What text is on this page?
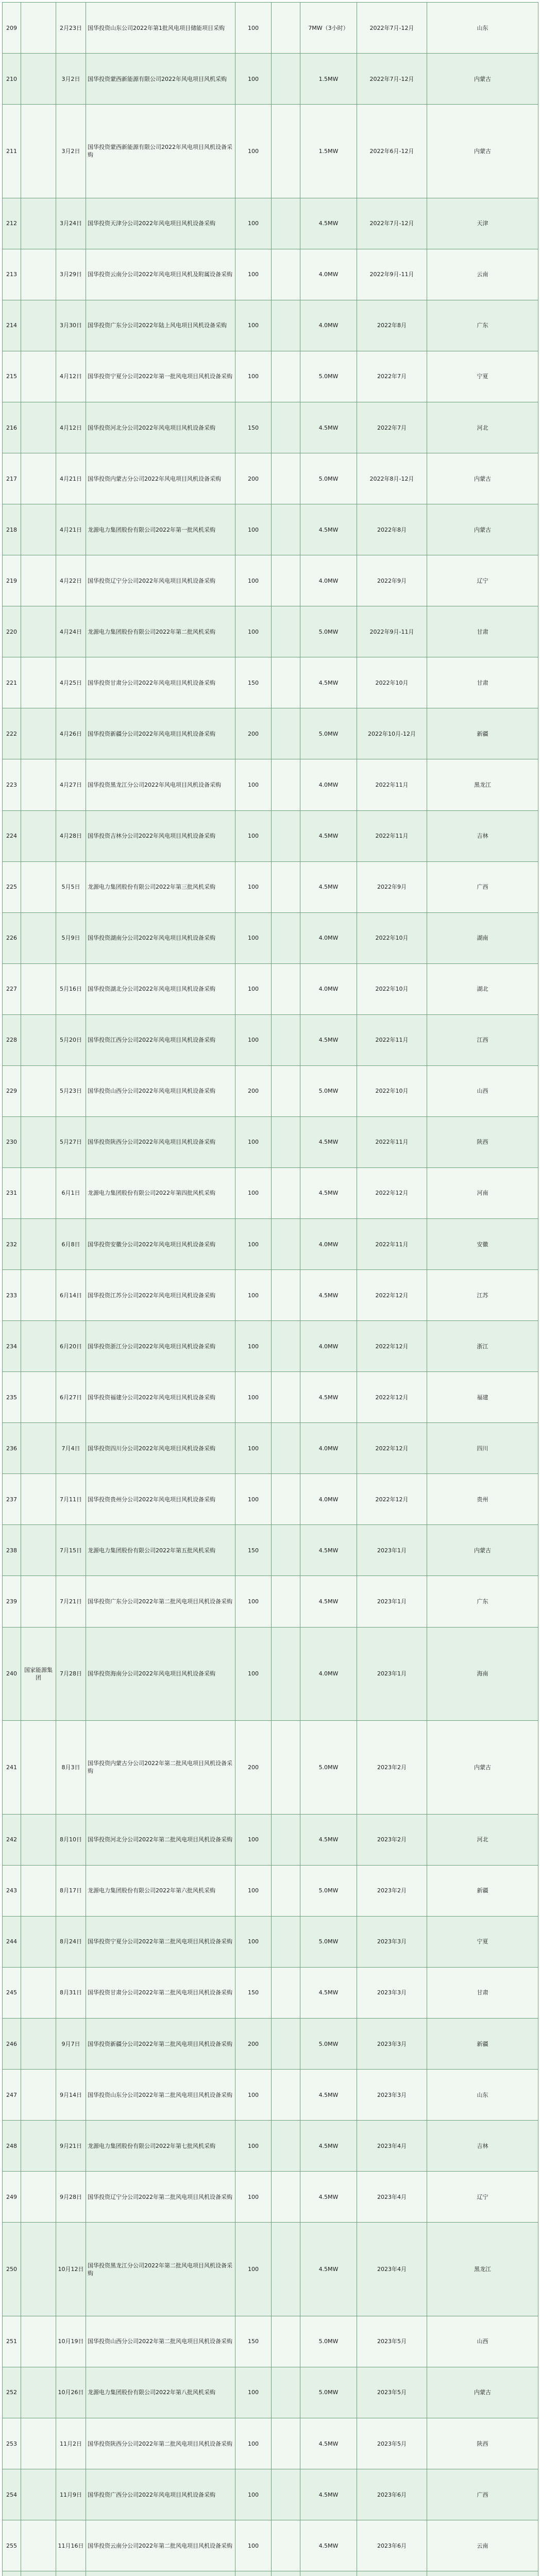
209		2月23日	国华投资山东公司2022年第1批风电项目储能项目采购	100		7MW（3小时）	2022年7月-12月	山东
210		3月2日	国华投资蒙西新能源有限公司2022年风电项目风机采购	100		1.5MW	2022年7月-12月	内蒙古
211		3月2日	国华投资蒙西新能源有限公司2022年风电项目风机设备采购	100		1.5MW	2022年6月-12月	内蒙古
212		3月24日	国华投资天津分公司2022年风电项目风机设备采购	100		4.5MW	2022年7月-12月	天津
213		3月29日	国华投资云南分公司2022年风电项目风机及附属设备采购	100		4.0MW	2022年9月-11月	云南
214		3月30日	国华投资广东分公司2022年陆上风电项目风机设备采购	100		4.0MW	2022年8月	广东
215		4月12日	国华投资宁夏分公司2022年第一批风电项目风机设备采购	100		5.0MW	2022年7月	宁夏
216		4月12日	国华投资河北分公司2022年风电项目风机设备采购	150		4.5MW	2022年7月	河北
217		4月21日	国华投资内蒙古分公司2022年风电项目风机设备采购	200		5.0MW	2022年8月-12月	内蒙古
218		4月21日	龙源电力集团股份有限公司2022年第一批风机采购	100		4.5MW	2022年8月	内蒙古
219		4月22日	国华投资辽宁分公司2022年风电项目风机设备采购	100		4.0MW	2022年9月	辽宁
220		4月24日	龙源电力集团股份有限公司2022年第二批风机采购	100		5.0MW	2022年9月-11月	甘肃
221		4月25日	国华投资甘肃分公司2022年风电项目风机设备采购	150		4.5MW	2022年10月	甘肃
222		4月26日	国华投资新疆分公司2022年风电项目风机设备采购	200		5.0MW	2022年10月-12月	新疆
223		4月27日	国华投资黑龙江分公司2022年风电项目风机设备采购	100		4.0MW	2022年11月	黑龙江
224		4月28日	国华投资吉林分公司2022年风电项目风机设备采购	100		4.5MW	2022年11月	吉林
225		5月5日	龙源电力集团股份有限公司2022年第三批风机采购	100		4.5MW	2022年9月	广西
226		5月9日	国华投资湖南分公司2022年风电项目风机设备采购	100		4.0MW	2022年10月	湖南
227		5月16日	国华投资湖北分公司2022年风电项目风机设备采购	100		4.0MW	2022年10月	湖北
228		5月20日	国华投资江西分公司2022年风电项目风机设备采购	100		4.5MW	2022年11月	江西
229		5月23日	国华投资山西分公司2022年风电项目风机设备采购	200		5.0MW	2022年10月	山西
230		5月27日	国华投资陕西分公司2022年风电项目风机设备采购	100		4.5MW	2022年11月	陕西
231		6月1日	龙源电力集团股份有限公司2022年第四批风机采购	100		4.5MW	2022年12月	河南
232		6月8日	国华投资安徽分公司2022年风电项目风机设备采购	100		4.0MW	2022年11月	安徽
233		6月14日	国华投资江苏分公司2022年风电项目风机设备采购	100		4.5MW	2022年12月	江苏
234		6月20日	国华投资浙江分公司2022年风电项目风机设备采购	100		4.0MW	2022年12月	浙江
235		6月27日	国华投资福建分公司2022年风电项目风机设备采购	100		4.5MW	2022年12月	福建
236		7月4日	国华投资四川分公司2022年风电项目风机设备采购	100		4.0MW	2022年12月	四川
237		7月11日	国华投资贵州分公司2022年风电项目风机设备采购	100		4.0MW	2022年12月	贵州
238		7月15日	龙源电力集团股份有限公司2022年第五批风机采购	150		4.5MW	2023年1月	内蒙古
239		7月21日	国华投资广东分公司2022年第二批风电项目风机设备采购	100		4.5MW	2023年1月	广东
240	国家能源集团	7月28日	国华投资海南分公司2022年风电项目风机设备采购	100		4.0MW	2023年1月	海南
241		8月3日	国华投资内蒙古分公司2022年第二批风电项目风机设备采购	200		5.0MW	2023年2月	内蒙古
242		8月10日	国华投资河北分公司2022年第二批风电项目风机设备采购	100		4.5MW	2023年2月	河北
243		8月17日	龙源电力集团股份有限公司2022年第六批风机采购	100		5.0MW	2023年2月	新疆
244		8月24日	国华投资宁夏分公司2022年第二批风电项目风机设备采购	100		5.0MW	2023年3月	宁夏
245		8月31日	国华投资甘肃分公司2022年第二批风电项目风机设备采购	150		4.5MW	2023年3月	甘肃
246		9月7日	国华投资新疆分公司2022年第二批风电项目风机设备采购	200		5.0MW	2023年3月	新疆
247		9月14日	国华投资山东分公司2022年第二批风电项目风机设备采购	100		4.5MW	2023年3月	山东
248		9月21日	龙源电力集团股份有限公司2022年第七批风机采购	100		4.5MW	2023年4月	吉林
249		9月28日	国华投资辽宁分公司2022年第二批风电项目风机设备采购	100		4.5MW	2023年4月	辽宁
250		10月12日	国华投资黑龙江分公司2022年第二批风电项目风机设备采购	100		4.5MW	2023年4月	黑龙江
251		10月19日	国华投资山西分公司2022年第二批风电项目风机设备采购	150		5.0MW	2023年5月	山西
252		10月26日	龙源电力集团股份有限公司2022年第八批风机采购	100		5.0MW	2023年5月	内蒙古
253		11月2日	国华投资陕西分公司2022年第二批风电项目风机设备采购	100		4.5MW	2023年5月	陕西
254		11月9日	国华投资广西分公司2022年风电项目风机设备采购	100		4.5MW	2023年6月	广西
255		11月16日	国华投资云南分公司2022年第二批风电项目风机设备采购	100		4.5MW	2023年6月	云南
